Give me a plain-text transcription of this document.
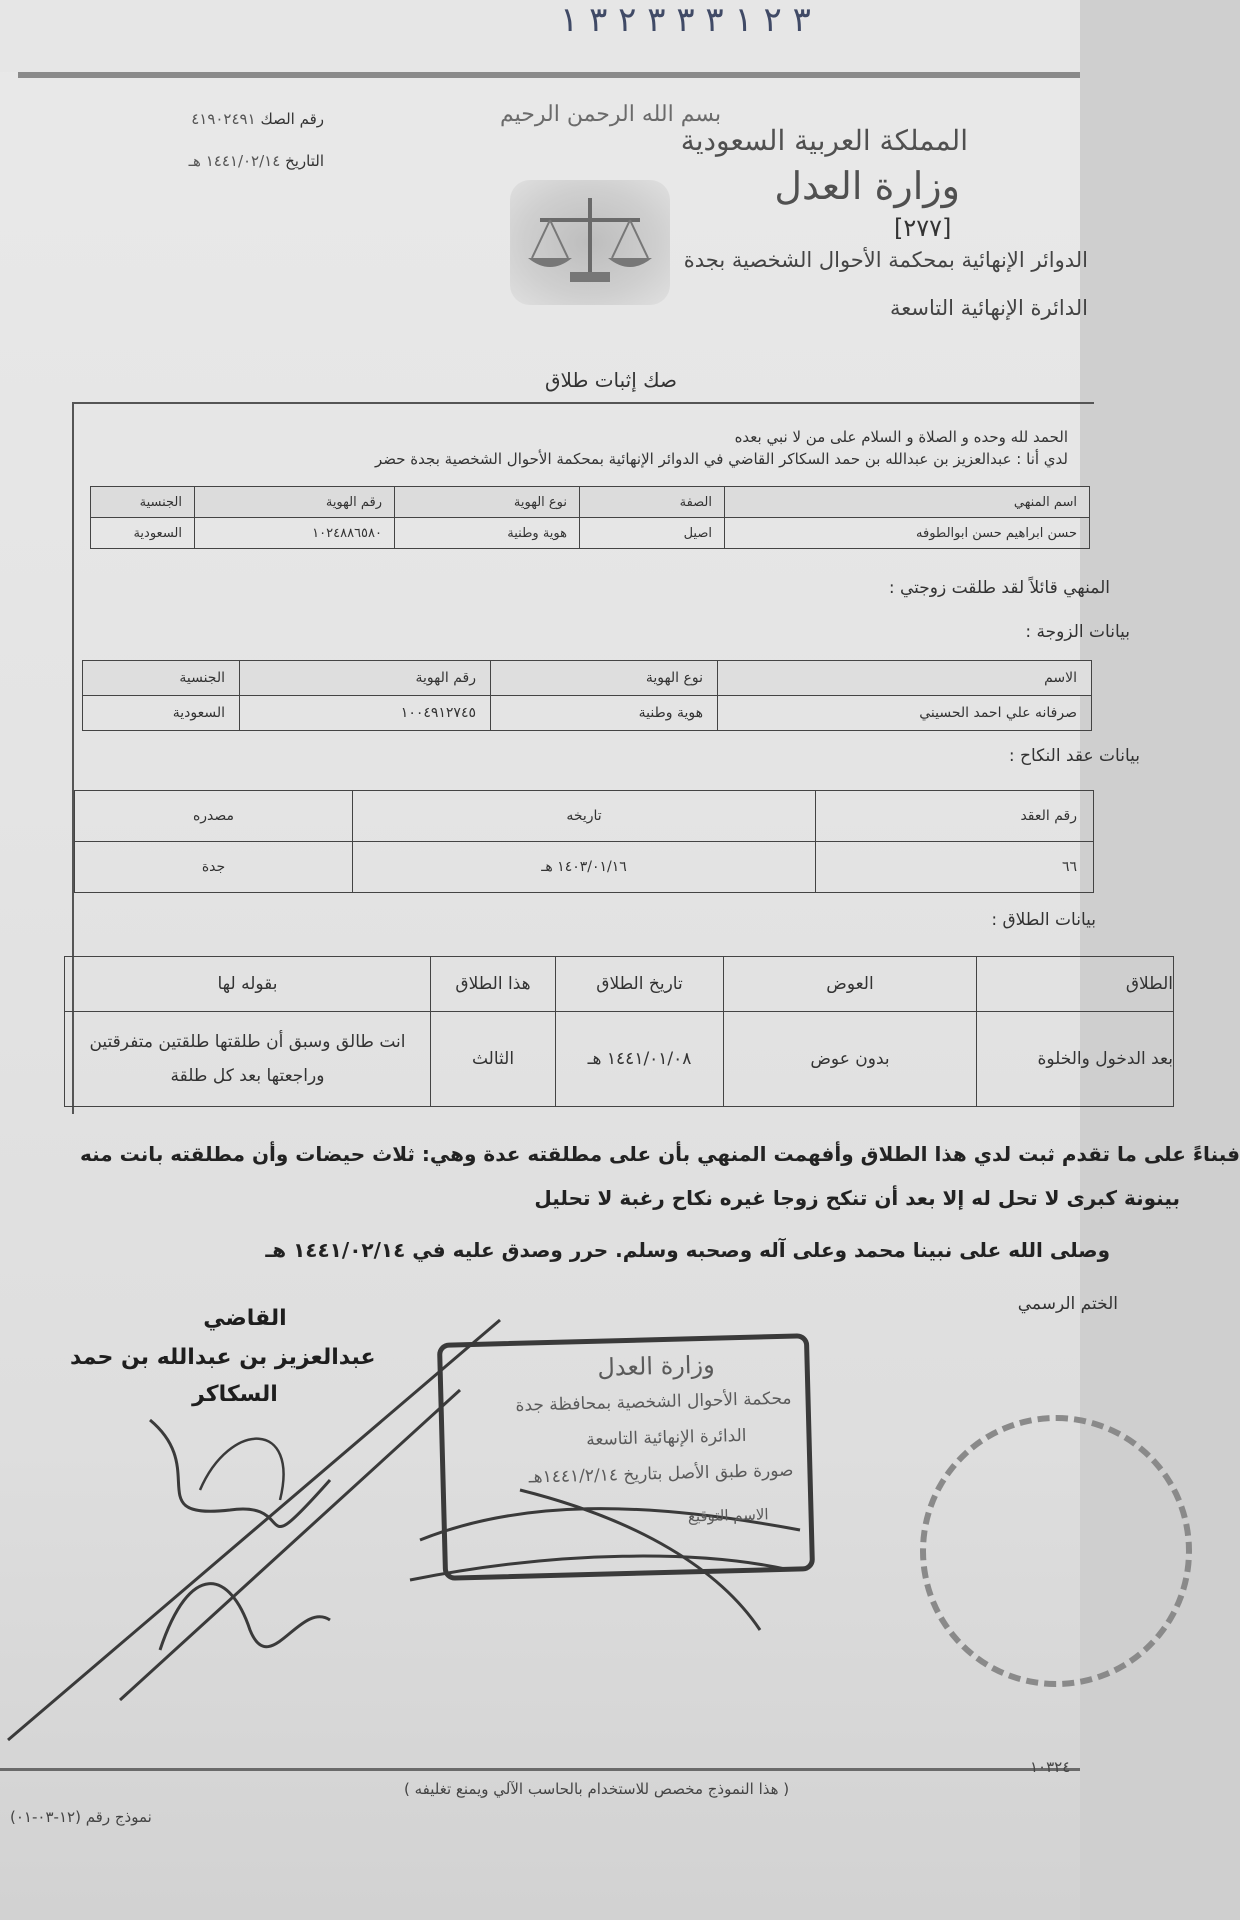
٣ ٢ ١ ٣ ٣ ٣ ٢ ٣ ١
رقم الصك ٤١٩٠٢٤٩١
التاريخ ١٤٤١/٠٢/١٤ هـ
بسم الله الرحمن الرحيم
المملكة العربية السعودية
وزارة العدل
[٢٧٧]
الدوائر الإنهائية بمحكمة الأحوال الشخصية بجدة
الدائرة الإنهائية التاسعة
صك إثبات طلاق
الحمد لله وحده و الصلاة و السلام على من لا نبي بعده
لدي أنا : عبدالعزيز بن عبدالله بن حمد السكاكر القاضي في الدوائر الإنهائية بمحكمة الأحوال الشخصية بجدة حضر
اسم المنهي	الصفة	نوع الهوية	رقم الهوية	الجنسية
حسن ابراهيم حسن ابوالطوفه	اصيل	هوية وطنية	١٠٢٤٨٨٦٥٨٠	السعودية
المنهي قائلاً لقد طلقت زوجتي :
بيانات الزوجة :
الاسم	نوع الهوية	رقم الهوية	الجنسية
صرفانه علي احمد الحسيني	هوية وطنية	١٠٠٤٩١٢٧٤٥	السعودية
بيانات عقد النكاح :
رقم العقد	تاريخه	مصدره
٦٦	١٤٠٣/٠١/١٦ هـ	جدة
بيانات الطلاق :
الطلاق	العوض	تاريخ الطلاق	هذا الطلاق	بقوله لها
بعد الدخول والخلوة	بدون عوض	١٤٤١/٠١/٠٨ هـ	الثالث	انت طالق وسبق أن طلقتها طلقتين متفرقتين وراجعتها بعد كل طلقة
فبناءً على ما تقدم ثبت لدي هذا الطلاق وأفهمت المنهي بأن على مطلقته عدة وهي: ثلاث حيضات وأن مطلقته بانت منه
بينونة كبرى لا تحل له إلا بعد أن تنكح زوجا غيره نكاح رغبة لا تحليل
وصلى الله على نبينا محمد وعلى آله وصحبه وسلم. حرر وصدق عليه في ١٤٤١/٠٢/١٤ هـ
الختم الرسمي
القاضي
عبدالعزيز بن عبدالله بن حمد
السكاكر
وزارة العدل
محكمة الأحوال الشخصية بمحافظة جدة
الدائرة الإنهائية التاسعة
صورة طبق الأصل بتاريخ ١٤٤١/٢/١٤هـ
الاسم التوقيع
( هذا النموذج مخصص للاستخدام بالحاسب الآلي ويمنع تغليفه )
١٠٣٢٤
نموذج رقم (١٢-٠٣-٠١)
